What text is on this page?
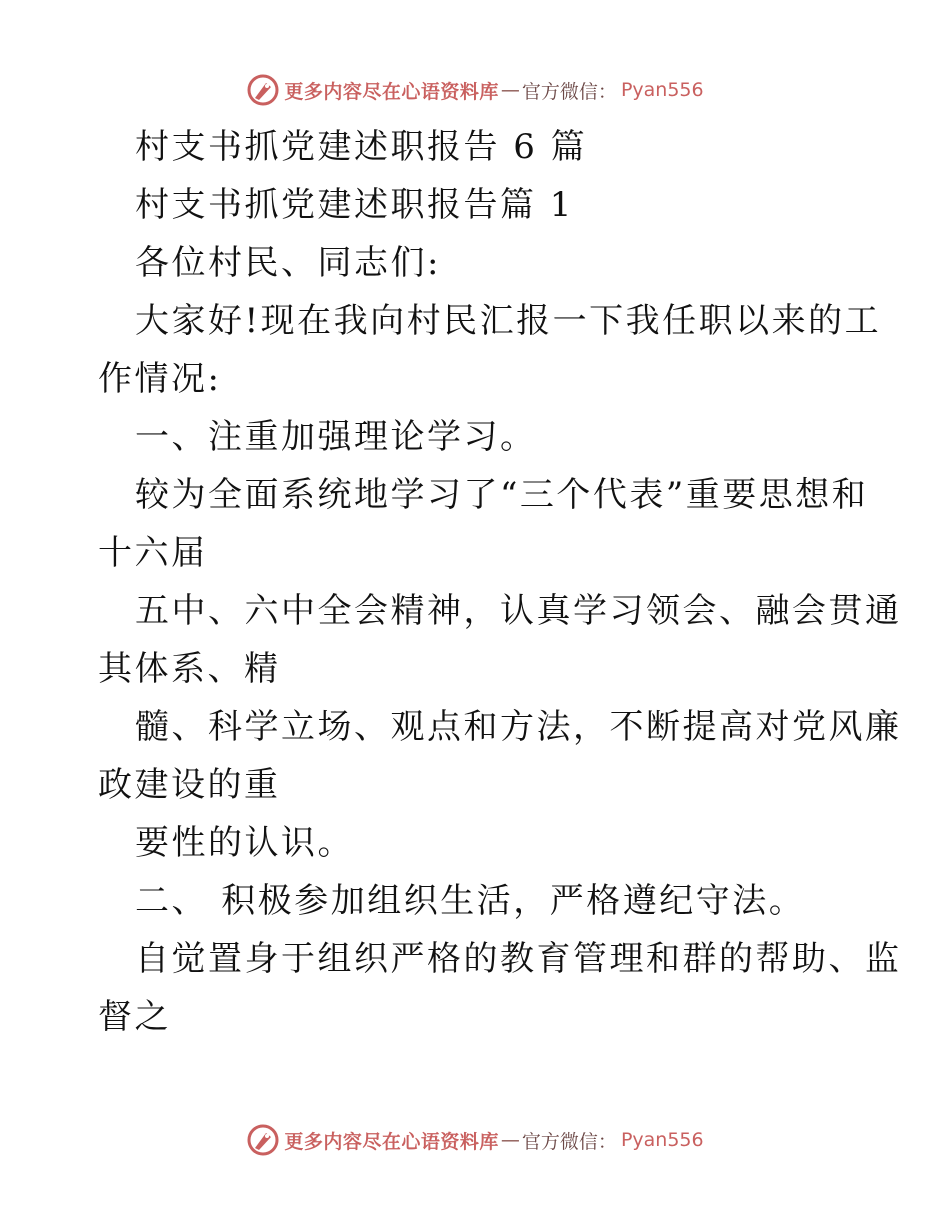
更多内容尽在心语资料库 — 官方微信： Pyan556
村支书抓党建述职报告 6 篇
村支书抓党建述职报告篇 1
各位村民、同志们:
大家好!现在我向村民汇报一下我任职以来的工
作情况:
一、注重加强理论学习。
较为全面系统地学习了“三个代表”重要思想和
十六届
五中、六中全会精神，认真学习领会、融会贯通
其体系、精
髓、科学立场、观点和方法，不断提高对党风廉
政建设的重
要性的认识。
二、 积极参加组织生活，严格遵纪守法。
自觉置身于组织严格的教育管理和群的帮助、监
督之
更多内容尽在心语资料库 — 官方微信： Pyan556
